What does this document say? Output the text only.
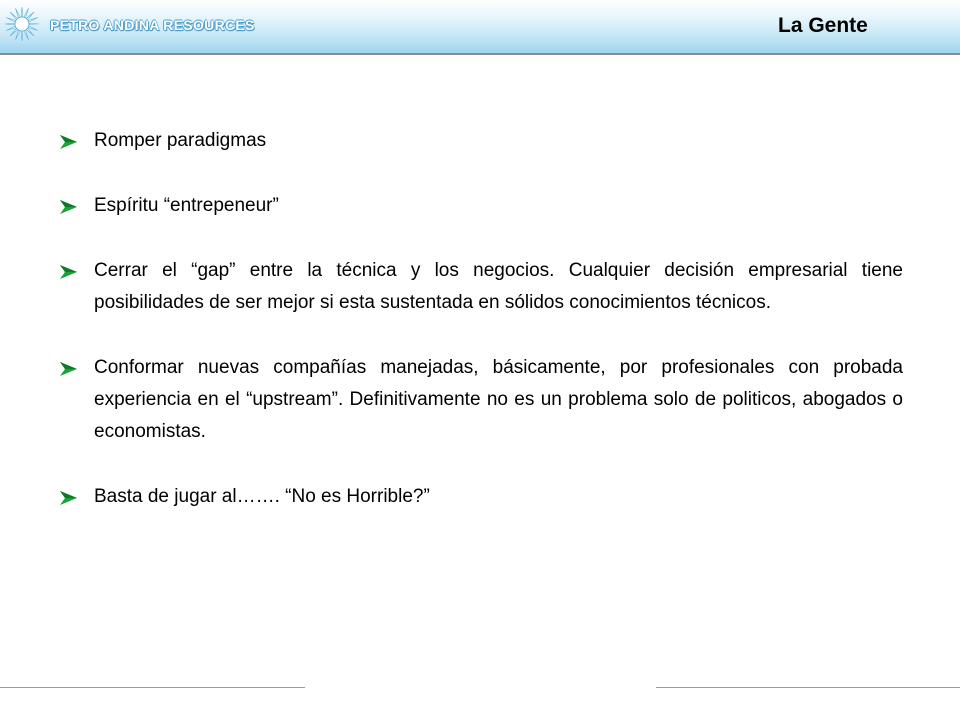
PETRO ANDINA RESOURCES	La Gente
Romper paradigmas
Espíritu “entrepeneur”
Cerrar el “gap” entre la técnica y los negocios. Cualquier decisión empresarial tiene posibilidades de ser mejor si esta sustentada en sólidos conocimientos técnicos.
Conformar nuevas compañías manejadas, básicamente, por profesionales con probada experiencia en el “upstream”. Definitivamente no es un problema solo de politicos, abogados o economistas.
Basta de jugar al……. “No es Horrible?”
